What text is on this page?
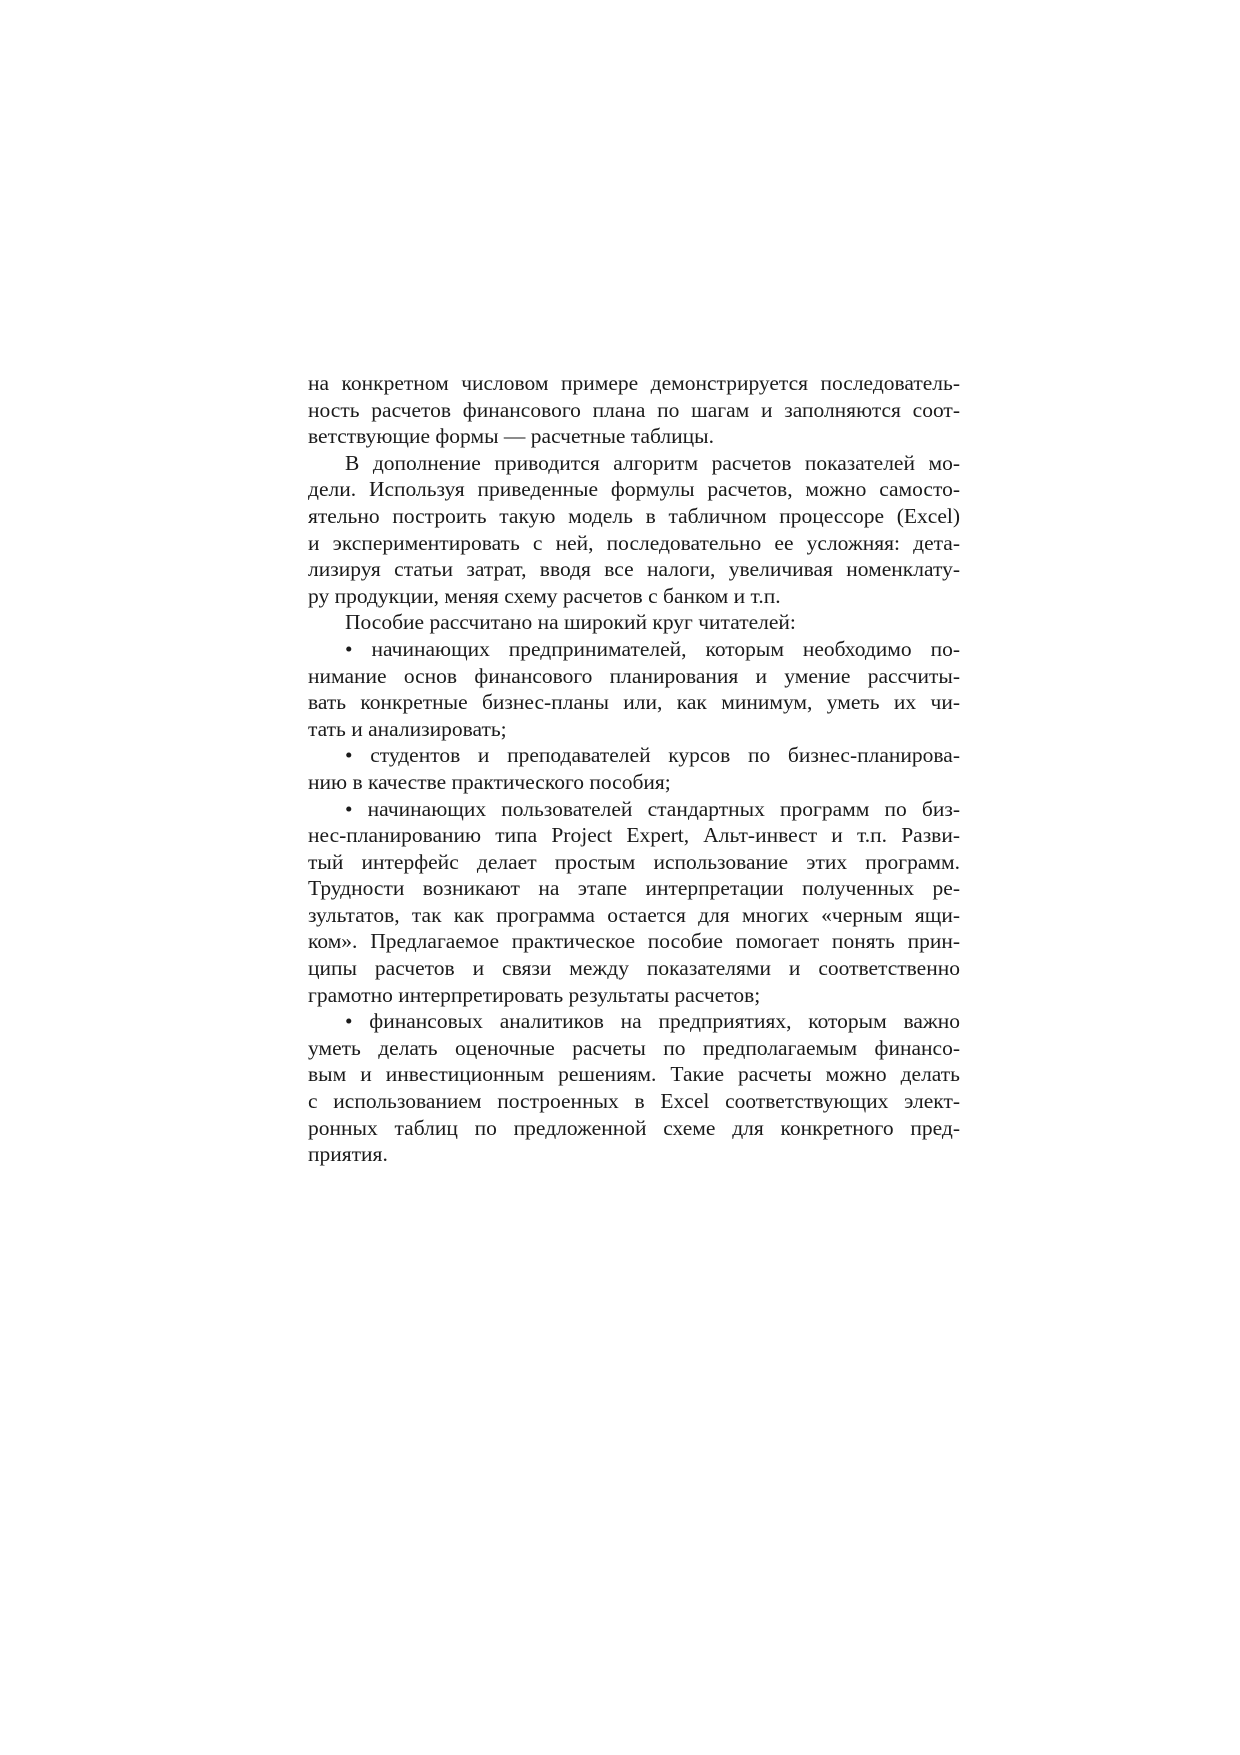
на конкретном числовом примере демонстрируется последователь-
ность расчетов финансового плана по шагам и заполняются соот-
ветствующие формы — расчетные таблицы.
В дополнение приводится алгоритм расчетов показателей мо-
дели. Используя приведенные формулы расчетов, можно самосто-
ятельно построить такую модель в табличном процессоре (Excel)
и экспериментировать с ней, последовательно ее усложняя: дета-
лизируя статьи затрат, вводя все налоги, увеличивая номенклату-
ру продукции, меняя схему расчетов с банком и т.п.
Пособие рассчитано на широкий круг читателей:
• начинающих предпринимателей, которым необходимо по-
нимание основ финансового планирования и умение рассчиты-
вать конкретные бизнес-планы или, как минимум, уметь их чи-
тать и анализировать;
• студентов и преподавателей курсов по бизнес-планирова-
нию в качестве практического пособия;
• начинающих пользователей стандартных программ по биз-
нес-планированию типа Project Expert, Альт-инвест и т.п. Разви-
тый интерфейс делает простым использование этих программ.
Трудности возникают на этапе интерпретации полученных ре-
зультатов, так как программа остается для многих «черным ящи-
ком». Предлагаемое практическое пособие помогает понять прин-
ципы расчетов и связи между показателями и соответственно
грамотно интерпретировать результаты расчетов;
• финансовых аналитиков на предприятиях, которым важно
уметь делать оценочные расчеты по предполагаемым финансо-
вым и инвестиционным решениям. Такие расчеты можно делать
с использованием построенных в Excel соответствующих элект-
ронных таблиц по предложенной схеме для конкретного пред-
приятия.
